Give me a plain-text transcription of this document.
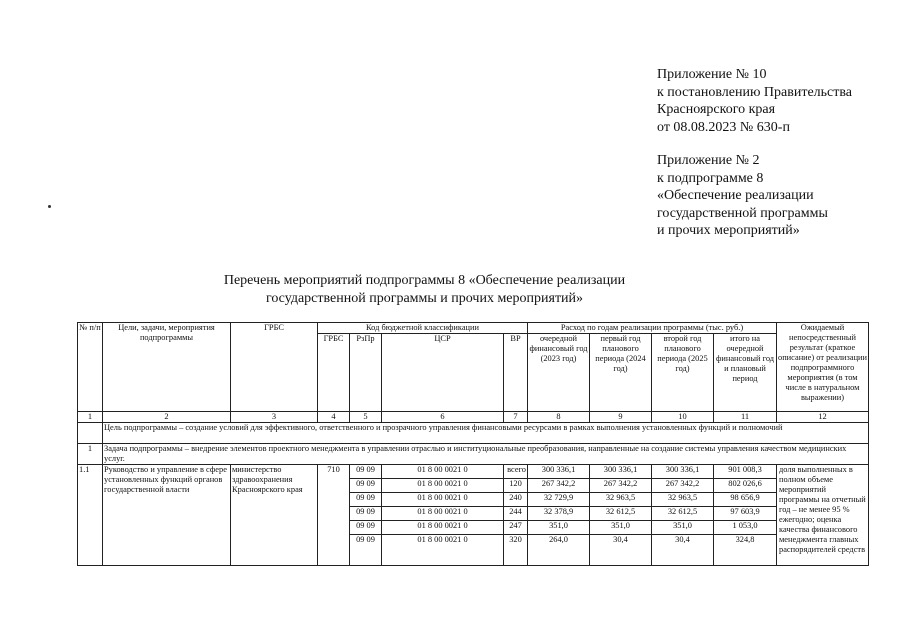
Приложение № 10
к постановлению Правительства
Красноярского края
от 08.08.2023 № 630-п
Приложение № 2
к подпрограмме 8
«Обеспечение реализации
государственной программы
и прочих мероприятий»
Перечень мероприятий подпрограммы 8 «Обеспечение реализации
государственной программы и прочих мероприятий»
№ п/п	Цели, задачи, мероприятия подпрограммы	ГРБС	Код бюджетной классификации				Расход по годам реализации программы (тыс. руб.)				Ожидаемый непосредственный результат (краткое описание) от реализации подпрограммного мероприятия (в том числе в натуральном выражении)
			ГРБС	РзПр	ЦСР	ВР	очередной финансовый год (2023 год)	первый год планового периода (2024 год)	второй год планового периода (2025 год)	итого на очередной финансовый год и плановый период	
1	2	3	4	5	6	7	8	9	10	11	12
	Цель подпрограммы – создание условий для эффективного, ответственного и прозрачного управления финансовыми ресурсами в рамках выполнения установленных функций и полномочий										
1	Задача подпрограммы – внедрение элементов проектного менеджмента в управлении отраслью и институциональные преобразования, направленные на создание системы управления качеством медицинских услуг.										
1.1	Руководство и управление в сфере установленных функций органов государственной власти	министерство здравоохранения Красноярского края	710	09 09	01 8 00 0021 0	всего	300 336,1	300 336,1	300 336,1	901 008,3	доля выполненных в полном объеме мероприятий программы на отчетный год – не менее 95 % ежегодно; оценка качества финансового менеджмента главных распорядителей средств
				09 09	01 8 00 0021 0	120	267 342,2	267 342,2	267 342,2	802 026,6	
				09 09	01 8 00 0021 0	240	32 729,9	32 963,5	32 963,5	98 656,9	
				09 09	01 8 00 0021 0	244	32 378,9	32 612,5	32 612,5	97 603,9	
				09 09	01 8 00 0021 0	247	351,0	351,0	351,0	1 053,0	
				09 09	01 8 00 0021 0	320	264,0	30,4	30,4	324,8	
